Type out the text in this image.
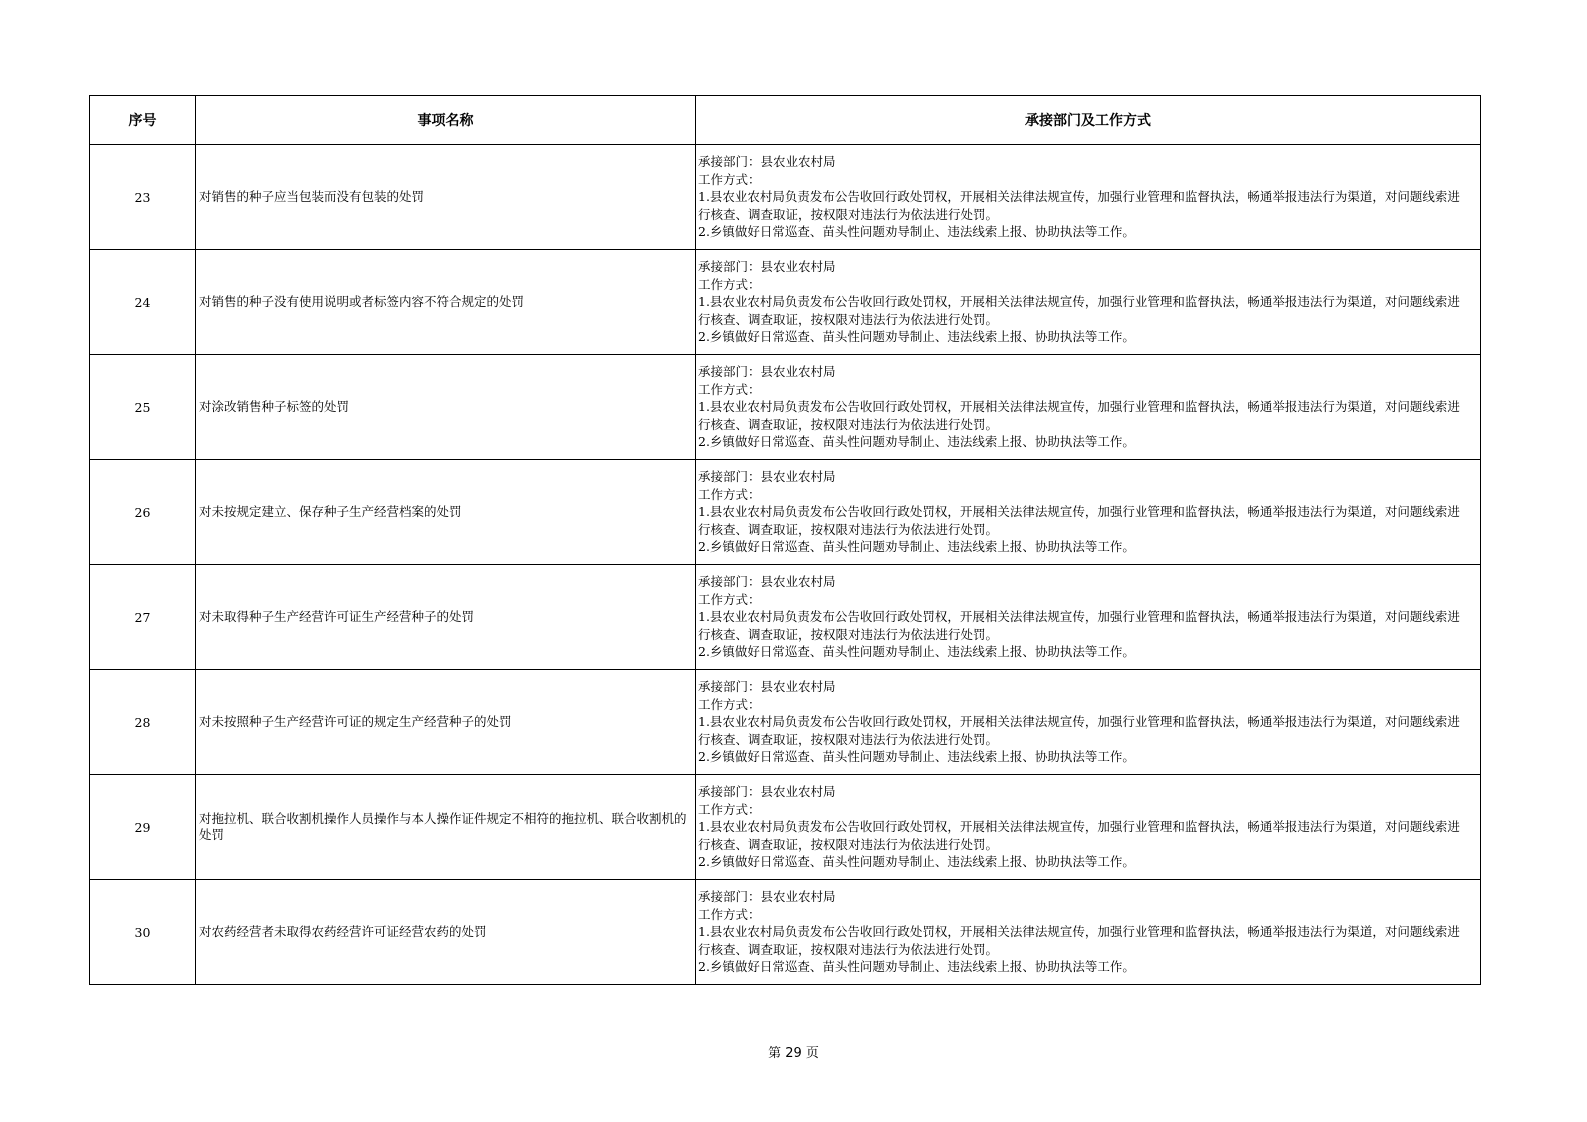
序号	事项名称	承接部门及工作方式
23	对销售的种子应当包装而没有包装的处罚	承接部门：县农业农村局
工作方式：
1.县农业农村局负责发布公告收回行政处罚权，开展相关法律法规宣传，加强行业管理和监督执法，畅通举报违法行为渠道，对问题线索进行核查、调查取证，按权限对违法行为依法进行处罚。
2.乡镇做好日常巡查、苗头性问题劝导制止、违法线索上报、协助执法等工作。

24	对销售的种子没有使用说明或者标签内容不符合规定的处罚	承接部门：县农业农村局
工作方式：
1.县农业农村局负责发布公告收回行政处罚权，开展相关法律法规宣传，加强行业管理和监督执法，畅通举报违法行为渠道，对问题线索进行核查、调查取证，按权限对违法行为依法进行处罚。
2.乡镇做好日常巡查、苗头性问题劝导制止、违法线索上报、协助执法等工作。

25	对涂改销售种子标签的处罚	承接部门：县农业农村局
工作方式：
1.县农业农村局负责发布公告收回行政处罚权，开展相关法律法规宣传，加强行业管理和监督执法，畅通举报违法行为渠道，对问题线索进行核查、调查取证，按权限对违法行为依法进行处罚。
2.乡镇做好日常巡查、苗头性问题劝导制止、违法线索上报、协助执法等工作。

26	对未按规定建立、保存种子生产经营档案的处罚	承接部门：县农业农村局
工作方式：
1.县农业农村局负责发布公告收回行政处罚权，开展相关法律法规宣传，加强行业管理和监督执法，畅通举报违法行为渠道，对问题线索进行核查、调查取证，按权限对违法行为依法进行处罚。
2.乡镇做好日常巡查、苗头性问题劝导制止、违法线索上报、协助执法等工作。

27	对未取得种子生产经营许可证生产经营种子的处罚	承接部门：县农业农村局
工作方式：
1.县农业农村局负责发布公告收回行政处罚权，开展相关法律法规宣传，加强行业管理和监督执法，畅通举报违法行为渠道，对问题线索进行核查、调查取证，按权限对违法行为依法进行处罚。
2.乡镇做好日常巡查、苗头性问题劝导制止、违法线索上报、协助执法等工作。

28	对未按照种子生产经营许可证的规定生产经营种子的处罚	承接部门：县农业农村局
工作方式：
1.县农业农村局负责发布公告收回行政处罚权，开展相关法律法规宣传，加强行业管理和监督执法，畅通举报违法行为渠道，对问题线索进行核查、调查取证，按权限对违法行为依法进行处罚。
2.乡镇做好日常巡查、苗头性问题劝导制止、违法线索上报、协助执法等工作。

29	对拖拉机、联合收割机操作人员操作与本人操作证件规定不相符的拖拉机、联合收割机的处罚	承接部门：县农业农村局
工作方式：
1.县农业农村局负责发布公告收回行政处罚权，开展相关法律法规宣传，加强行业管理和监督执法，畅通举报违法行为渠道，对问题线索进行核查、调查取证，按权限对违法行为依法进行处罚。
2.乡镇做好日常巡查、苗头性问题劝导制止、违法线索上报、协助执法等工作。

30	对农药经营者未取得农药经营许可证经营农药的处罚	承接部门：县农业农村局
工作方式：
1.县农业农村局负责发布公告收回行政处罚权，开展相关法律法规宣传，加强行业管理和监督执法，畅通举报违法行为渠道，对问题线索进行核查、调查取证，按权限对违法行为依法进行处罚。
2.乡镇做好日常巡查、苗头性问题劝导制止、违法线索上报、协助执法等工作。
第 29 页
